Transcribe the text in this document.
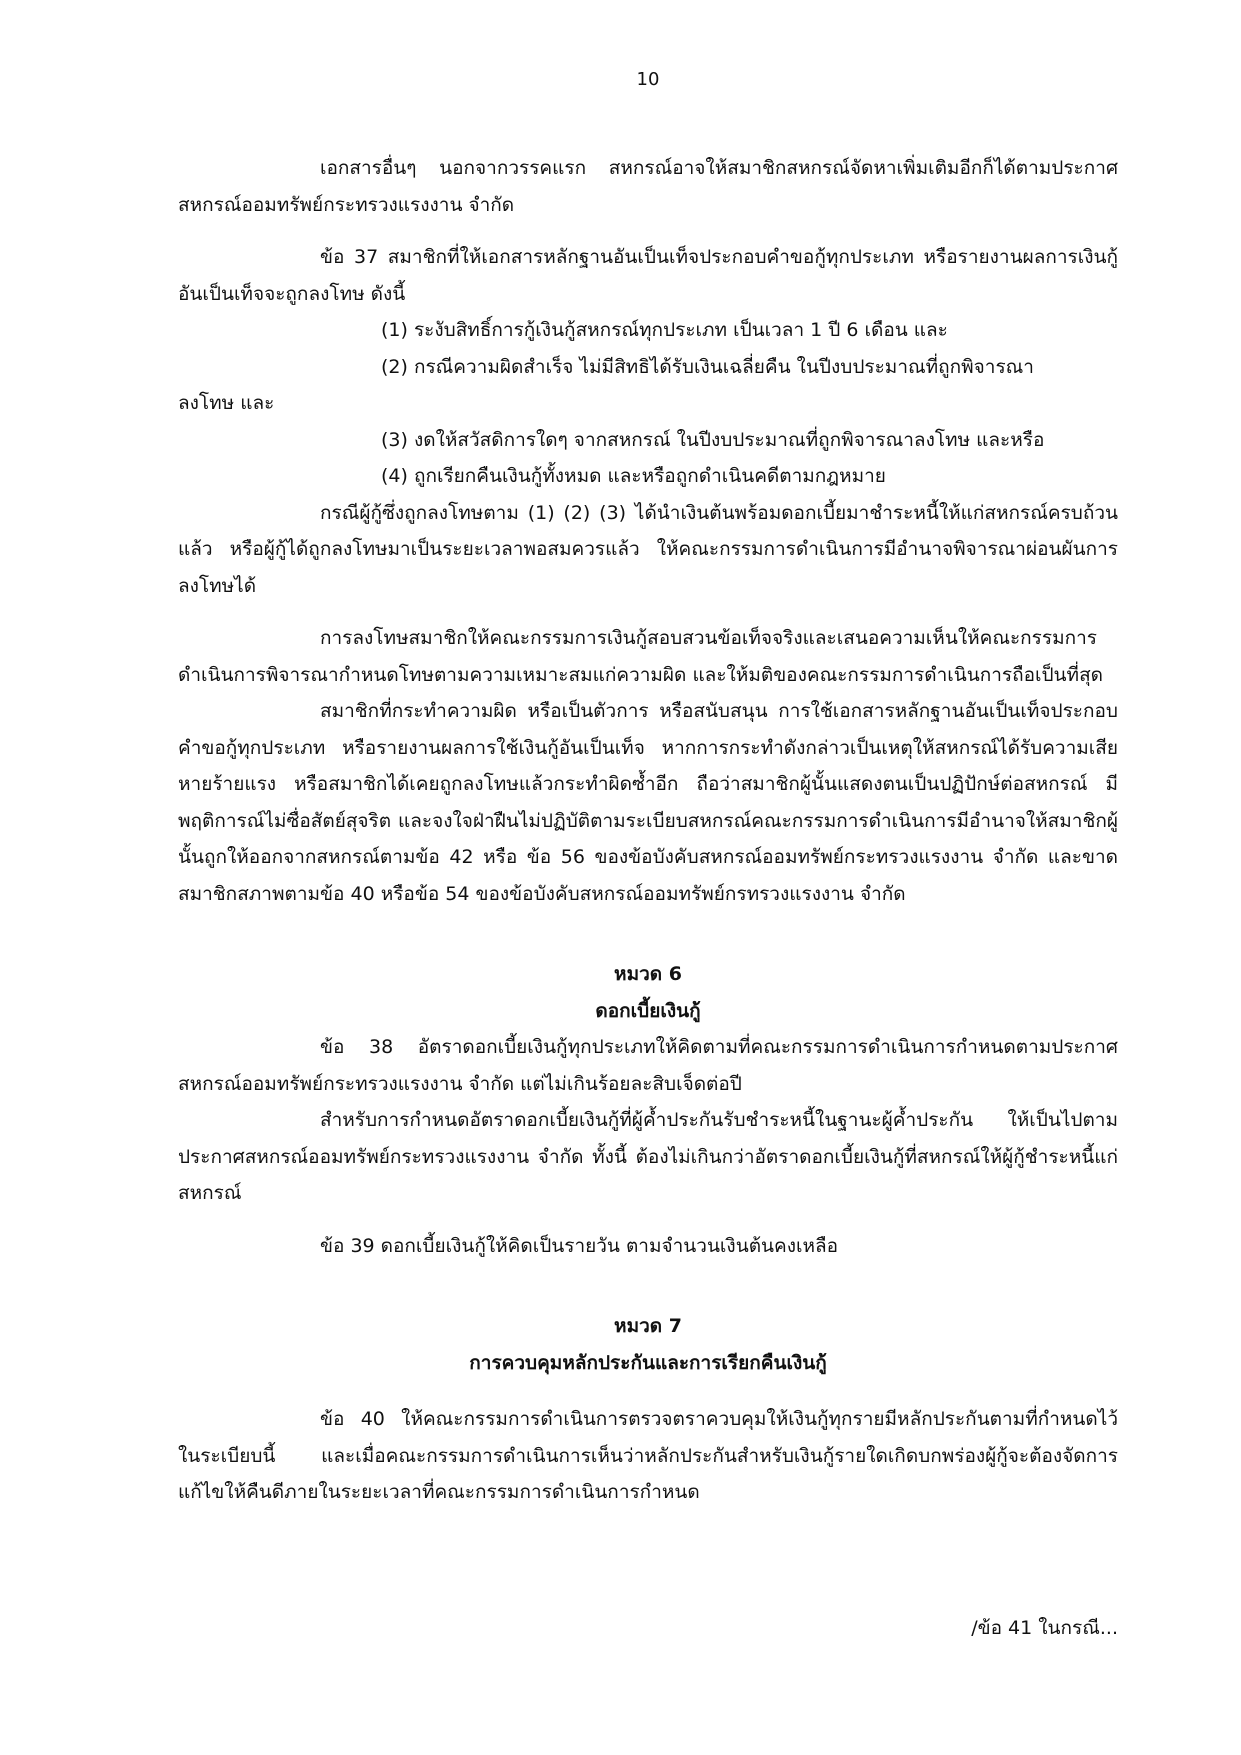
10

เอกสารอื่นๆ นอกจากวรรคแรก สหกรณ์อาจให้สมาชิกสหกรณ์จัดหาเพิ่มเติมอีกก็ได้ตามประกาศสหกรณ์ออมทรัพย์กระทรวงแรงงาน จำกัด

ข้อ 37 สมาชิกที่ให้เอกสารหลักฐานอันเป็นเท็จประกอบคำขอกู้ทุกประเภท หรือรายงานผลการเงินกู้อันเป็นเท็จจะถูกลงโทษ ดังนี้

(1) ระงับสิทธิ์การกู้เงินกู้สหกรณ์ทุกประเภท เป็นเวลา 1 ปี 6 เดือน และ

(2) กรณีความผิดสำเร็จ ไม่มีสิทธิได้รับเงินเฉลี่ยคืน ในปีงบประมาณที่ถูกพิจารณา

ลงโทษ และ

(3) งดให้สวัสดิการใดๆ จากสหกรณ์ ในปีงบประมาณที่ถูกพิจารณาลงโทษ และหรือ

(4) ถูกเรียกคืนเงินกู้ทั้งหมด และหรือถูกดำเนินคดีตามกฎหมาย

กรณีผู้กู้ซึ่งถูกลงโทษตาม (1) (2) (3) ได้นำเงินต้นพร้อมดอกเบี้ยมาชำระหนี้ให้แก่สหกรณ์ครบถ้วนแล้ว หรือผู้กู้ได้ถูกลงโทษมาเป็นระยะเวลาพอสมควรแล้ว ให้คณะกรรมการดำเนินการมีอำนาจพิจารณาผ่อนผันการลงโทษได้

การลงโทษสมาชิกให้คณะกรรมการเงินกู้สอบสวนข้อเท็จจริงและเสนอความเห็นให้คณะกรรมการดำเนินการพิจารณากำหนดโทษตามความเหมาะสมแก่ความผิด และให้มติของคณะกรรมการดำเนินการถือเป็นที่สุด

สมาชิกที่กระทำความผิด หรือเป็นตัวการ หรือสนับสนุน การใช้เอกสารหลักฐานอันเป็นเท็จประกอบคำขอกู้ทุกประเภท หรือรายงานผลการใช้เงินกู้อันเป็นเท็จ หากการกระทำดังกล่าวเป็นเหตุให้สหกรณ์ได้รับความเสียหายร้ายแรง หรือสมาชิกได้เคยถูกลงโทษแล้วกระทำผิดซ้ำอีก ถือว่าสมาชิกผู้นั้นแสดงตนเป็นปฏิปักษ์ต่อสหกรณ์ มีพฤติการณ์ไม่ซื่อสัตย์สุจริต และจงใจฝ่าฝืนไม่ปฏิบัติตามระเบียบสหกรณ์คณะกรรมการดำเนินการมีอำนาจให้สมาชิกผู้นั้นถูกให้ออกจากสหกรณ์ตามข้อ 42 หรือ ข้อ 56 ของข้อบังคับสหกรณ์ออมทรัพย์กระทรวงแรงงาน จำกัด และขาดสมาชิกสภาพตามข้อ 40 หรือข้อ 54 ของข้อบังคับสหกรณ์ออมทรัพย์กรทรวงแรงงาน จำกัด

หมวด 6

ดอกเบี้ยเงินกู้

ข้อ 38 อัตราดอกเบี้ยเงินกู้ทุกประเภทให้คิดตามที่คณะกรรมการดำเนินการกำหนดตามประกาศสหกรณ์ออมทรัพย์กระทรวงแรงงาน จำกัด แต่ไม่เกินร้อยละสิบเจ็ดต่อปี

สำหรับการกำหนดอัตราดอกเบี้ยเงินกู้ที่ผู้ค้ำประกันรับชำระหนี้ในฐานะผู้ค้ำประกัน ให้เป็นไปตามประกาศสหกรณ์ออมทรัพย์กระทรวงแรงงาน จำกัด ทั้งนี้ ต้องไม่เกินกว่าอัตราดอกเบี้ยเงินกู้ที่สหกรณ์ให้ผู้กู้ชำระหนี้แก่สหกรณ์

ข้อ 39 ดอกเบี้ยเงินกู้ให้คิดเป็นรายวัน ตามจำนวนเงินต้นคงเหลือ

หมวด 7

การควบคุมหลักประกันและการเรียกคืนเงินกู้

ข้อ 40 ให้คณะกรรมการดำเนินการตรวจตราควบคุมให้เงินกู้ทุกรายมีหลักประกันตามที่กำหนดไว้ในระเบียบนี้ และเมื่อคณะกรรมการดำเนินการเห็นว่าหลักประกันสำหรับเงินกู้รายใดเกิดบกพร่องผู้กู้จะต้องจัดการแก้ไขให้คืนดีภายในระยะเวลาที่คณะกรรมการดำเนินการกำหนด

/ข้อ 41 ในกรณี...
